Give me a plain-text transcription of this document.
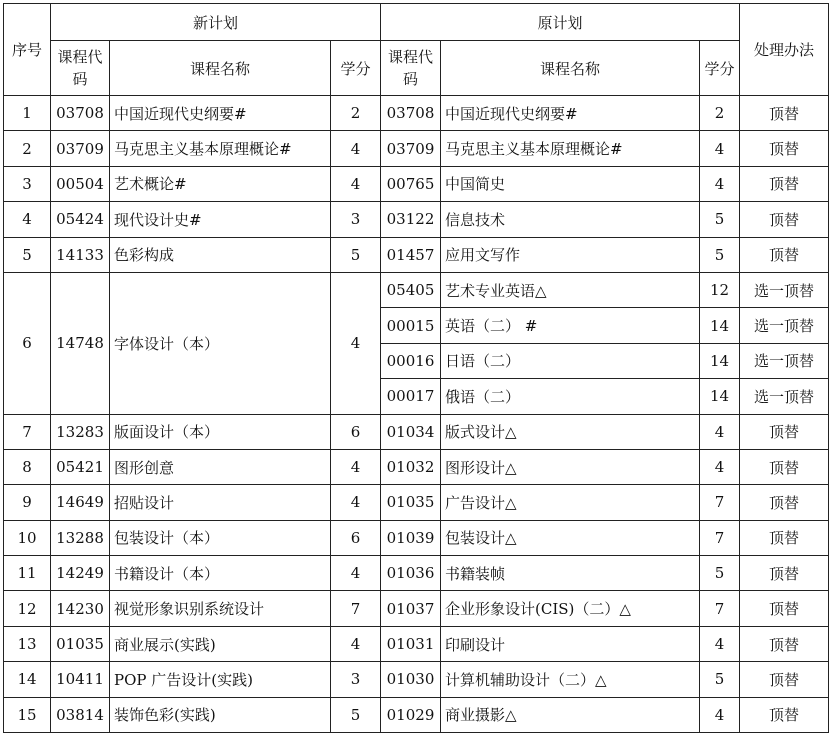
序号	新计划			原计划			处理办法
	课程代码	课程名称	学分	课程代码	课程名称	学分	
1	03708	中国近现代史纲要#	2	03708	中国近现代史纲要#	2	顶替
2	03709	马克思主义基本原理概论#	4	03709	马克思主义基本原理概论#	4	顶替
3	00504	艺术概论#	4	00765	中国简史	4	顶替
4	05424	现代设计史#	3	03122	信息技术	5	顶替
5	14133	色彩构成	5	01457	应用文写作	5	顶替
6	14748	字体设计（本）	4	05405	艺术专业英语△	12	选一顶替
				00015	英语（二） #	14	选一顶替
				00016	日语（二）	14	选一顶替
				00017	俄语（二）	14	选一顶替
7	13283	版面设计（本）	6	01034	版式设计△	4	顶替
8	05421	图形创意	4	01032	图形设计△	4	顶替
9	14649	招贴设计	4	01035	广告设计△	7	顶替
10	13288	包装设计（本）	6	01039	包装设计△	7	顶替
11	14249	书籍设计（本）	4	01036	书籍装帧	5	顶替
12	14230	视觉形象识别系统设计	7	01037	企业形象设计(CIS)（二）△	7	顶替
13	01035	商业展示(实践)	4	01031	印刷设计	4	顶替
14	10411	POP 广告设计(实践)	3	01030	计算机辅助设计（二）△	5	顶替
15	03814	装饰色彩(实践)	5	01029	商业摄影△	4	顶替
